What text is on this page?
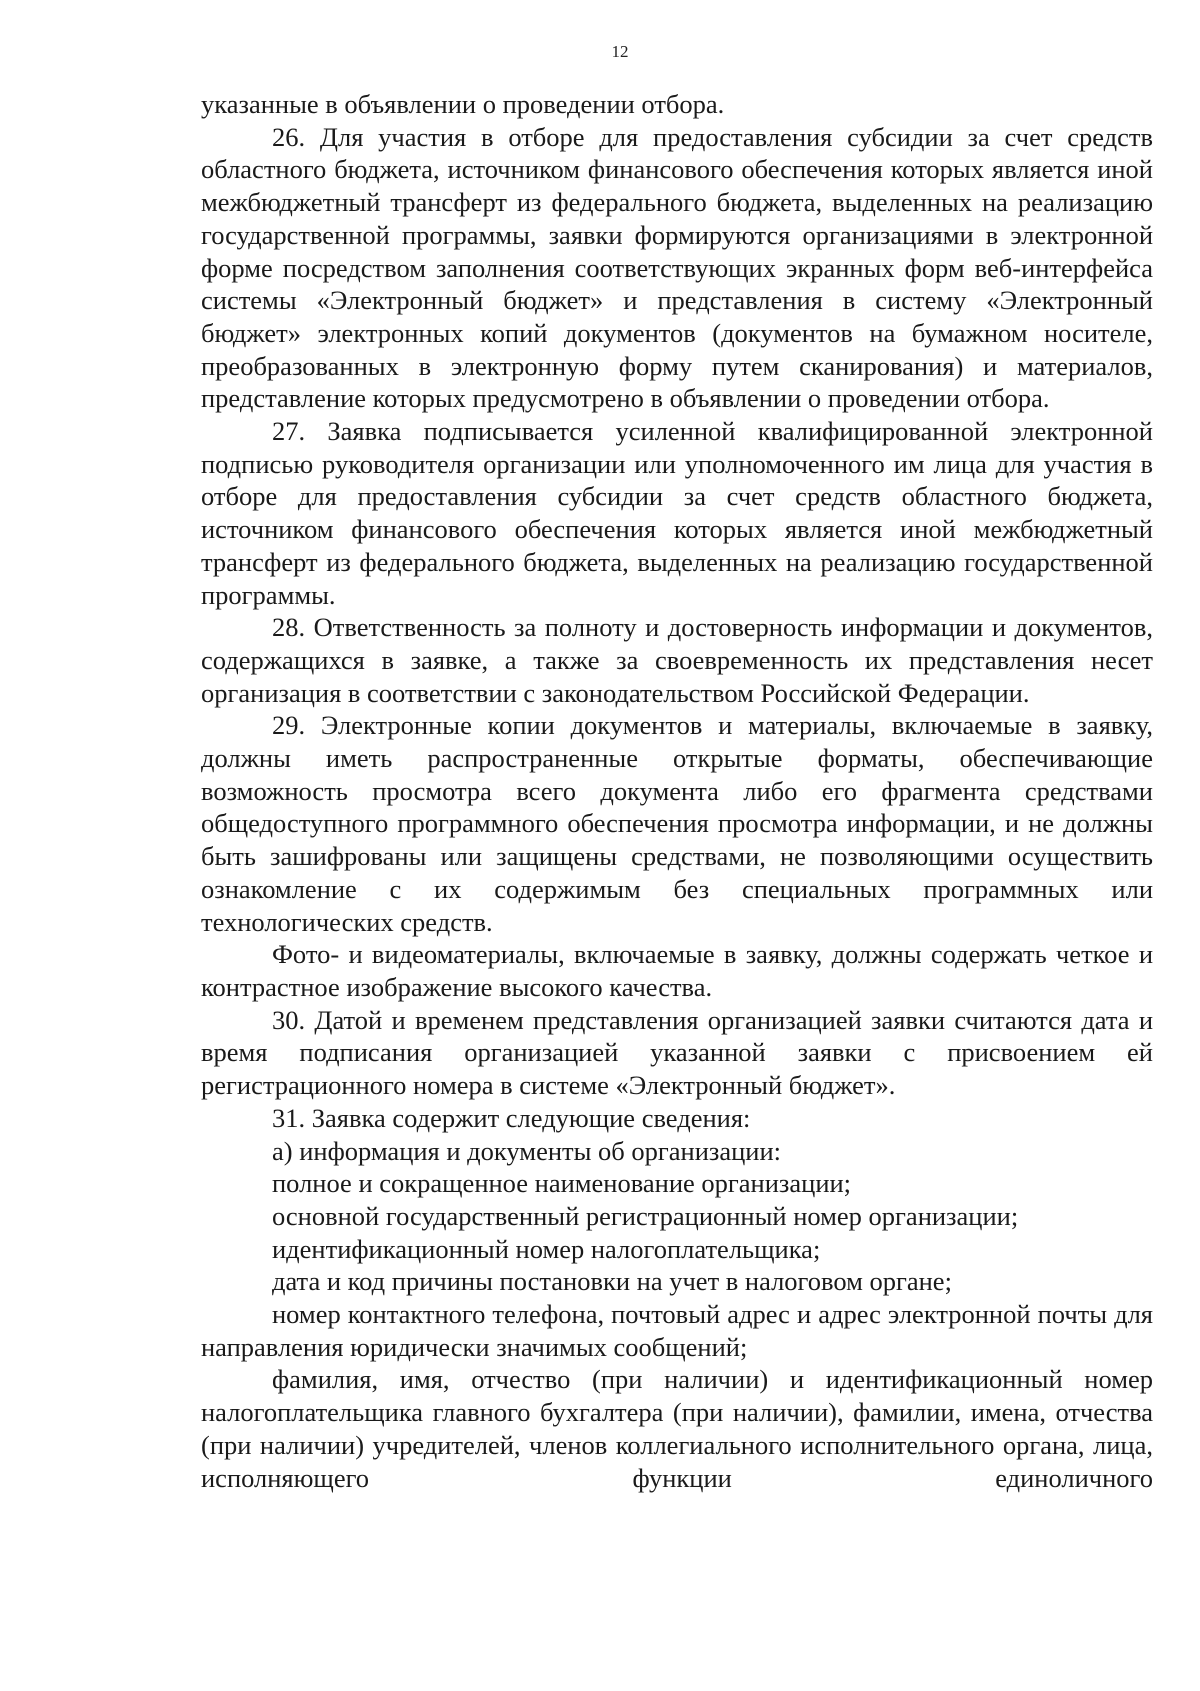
12

указанные в объявлении о проведении отбора.

26. Для участия в отборе для предоставления субсидии за счет средств областного бюджета, источником финансового обеспечения которых является иной межбюджетный трансферт из федерального бюджета, выделенных на реализацию государственной программы, заявки формируются организациями в электронной форме посредством заполнения соответствующих экранных форм веб-интерфейса системы «Электронный бюджет» и представления в систему «Электронный бюджет» электронных копий документов (документов на бумажном носителе, преобразованных в электронную форму путем сканирования) и материалов, представление которых предусмотрено в объявлении о проведении отбора.

27. Заявка подписывается усиленной квалифицированной электронной подписью руководителя организации или уполномоченного им лица для участия в отборе для предоставления субсидии за счет средств областного бюджета, источником финансового обеспечения которых является иной межбюджетный трансферт из федерального бюджета, выделенных на реализацию государственной программы.

28. Ответственность за полноту и достоверность информации и документов, содержащихся в заявке, а также за своевременность их представления несет организация в соответствии с законодательством Российской Федерации.

29. Электронные копии документов и материалы, включаемые в заявку, должны иметь распространенные открытые форматы, обеспечивающие возможность просмотра всего документа либо его фрагмента средствами общедоступного программного обеспечения просмотра информации, и не должны быть зашифрованы или защищены средствами, не позволяющими осуществить ознакомление с их содержимым без специальных программных или технологических средств.

Фото- и видеоматериалы, включаемые в заявку, должны содержать четкое и контрастное изображение высокого качества.

30. Датой и временем представления организацией заявки считаются дата и время подписания организацией указанной заявки с присвоением ей регистрационного номера в системе «Электронный бюджет».

31. Заявка содержит следующие сведения:

а) информация и документы об организации:

полное и сокращенное наименование организации;

основной государственный регистрационный номер организации;

идентификационный номер налогоплательщика;

дата и код причины постановки на учет в налоговом органе;

номер контактного телефона, почтовый адрес и адрес электронной почты для направления юридически значимых сообщений;

фамилия, имя, отчество (при наличии) и идентификационный номер налогоплательщика главного бухгалтера (при наличии), фамилии, имена, отчества (при наличии) учредителей, членов коллегиального исполнительного органа, лица, исполняющего функции единоличного
